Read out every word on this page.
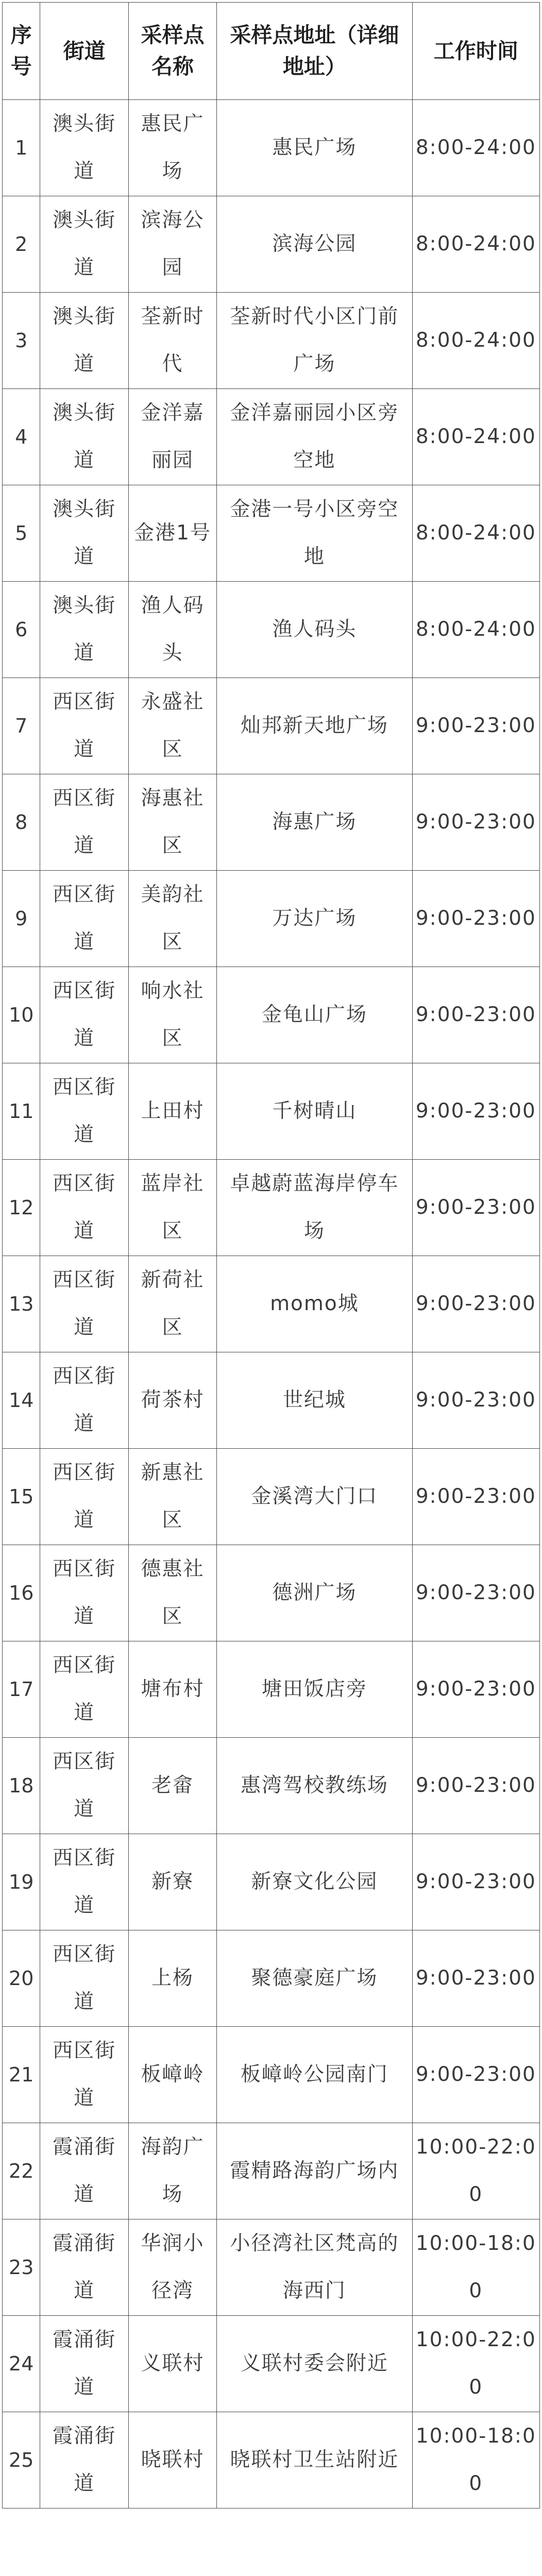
序号	街道	采样点名称	采样点地址（详细地址）	工作时间
1	澳头街道	惠民广场	惠民广场	8:00-24:00
2	澳头街道	滨海公园	滨海公园	8:00-24:00
3	澳头街道	荃新时代	荃新时代小区门前广场	8:00-24:00
4	澳头街道	金洋嘉丽园	金洋嘉丽园小区旁空地	8:00-24:00
5	澳头街道	金港1号	金港一号小区旁空地	8:00-24:00
6	澳头街道	渔人码头	渔人码头	8:00-24:00
7	西区街道	永盛社区	灿邦新天地广场	9:00-23:00
8	西区街道	海惠社区	海惠广场	9:00-23:00
9	西区街道	美韵社区	万达广场	9:00-23:00
10	西区街道	响水社区	金龟山广场	9:00-23:00
11	西区街道	上田村	千树晴山	9:00-23:00
12	西区街道	蓝岸社区	卓越蔚蓝海岸停车场	9:00-23:00
13	西区街道	新荷社区	momo城	9:00-23:00
14	西区街道	荷茶村	世纪城	9:00-23:00
15	西区街道	新惠社区	金溪湾大门口	9:00-23:00
16	西区街道	德惠社区	德洲广场	9:00-23:00
17	西区街道	塘布村	塘田饭店旁	9:00-23:00
18	西区街道	老畲	惠湾驾校教练场	9:00-23:00
19	西区街道	新寮	新寮文化公园	9:00-23:00
20	西区街道	上杨	聚德豪庭广场	9:00-23:00
21	西区街道	板嶂岭	板嶂岭公园南门	9:00-23:00
22	霞涌街道	海韵广场	霞精路海韵广场内	10:00-22:00
23	霞涌街道	华润小径湾	小径湾社区梵高的海西门	10:00-18:00
24	霞涌街道	义联村	义联村委会附近	10:00-22:00
25	霞涌街道	晓联村	晓联村卫生站附近	10:00-18:00
